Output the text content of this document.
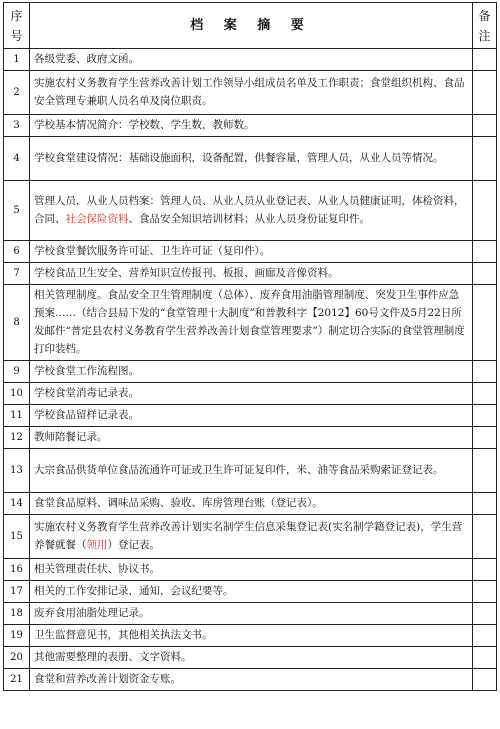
序
号	档 案 摘 要	备
注
1	各级党委、政府文函。	
2	实施农村义务教育学生营养改善计划工作领导小组成员名单及工作职责；食堂组织机构、食品安全管理专兼职人员名单及岗位职责。	
3	学校基本情况简介：学校数、学生数，教师数。	
4	学校食堂建设情况：基础设施面积，设备配置，供餐容量，管理人员，从业人员等情况。	
5	管理人员，从业人员档案：管理人员、从业人员从业登记表、从业人员健康证明，体检资料，合同、社会保险资料、食品安全知识培训材料；从业人员身份证复印件。	
6	学校食堂餐饮服务许可证、卫生许可证（复印件）。	
7	学校食品卫生安全、营养知识宣传报刊、板报、画廊及音像资料。	
8	相关管理制度。食品安全卫生管理制度（总体）、废弃食用油脂管理制度、突发卫生事件应急预案……（结合县局下发的“食堂管理十大制度”和普教科字【2012】60号文件及5月22日所发邮件“普定县农村义务教育学生营养改善计划食堂管理要求”）制定切合实际的食堂管理制度打印装档。	
9	学校食堂工作流程图。	
10	学校食堂消毒记录表。	
11	学校食品留样记录表。	
12	教师陪餐记录。	
13	大宗食品供货单位食品流通许可证或卫生许可证复印件，米、油等食品采购索证登记表。	
14	食堂食品原料、调味品采购、验收、库房管理台账（登记表）。	
15	实施农村义务教育学生营养改善计划实名制学生信息采集登记表(实名制学籍登记表)，学生营养餐就餐（领用）登记表。	
16	相关管理责任状、协议书。	
17	相关的工作安排记录，通知，会议纪要等。	
18	废弃食用油脂处理记录。	
19	卫生监督意见书，其他相关执法文书。	
20	其他需要整理的表册、文字资料。	
21	食堂和营养改善计划资金专账。	
